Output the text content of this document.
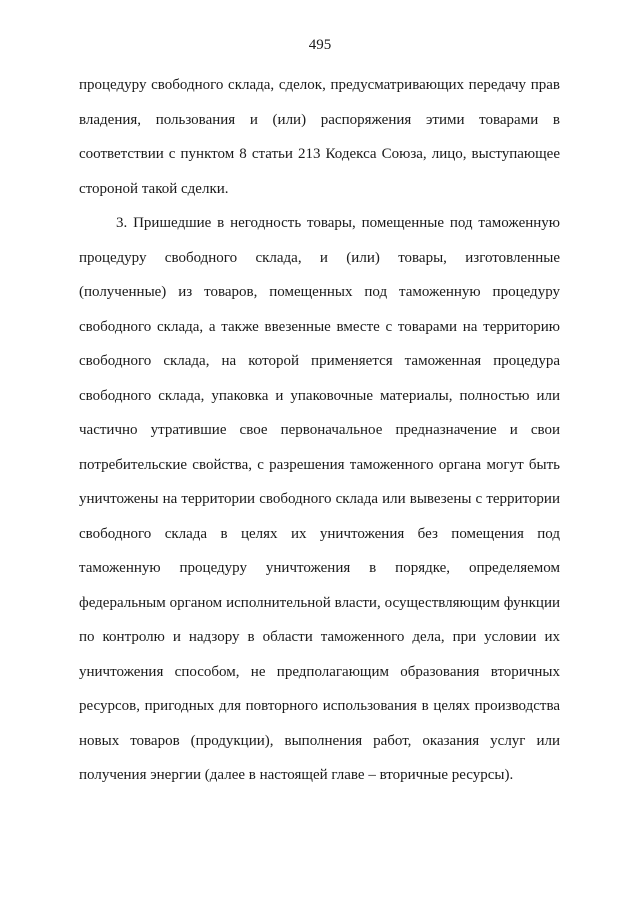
495
процедуру свободного склада, сделок, предусматривающих передачу прав
владения, пользования и (или) распоряжения этими товарами в
соответствии с пунктом 8 статьи 213 Кодекса Союза, лицо, выступающее
стороной такой сделки.
3. Пришедшие в негодность товары, помещенные под таможенную
процедуру свободного склада, и (или) товары, изготовленные
(полученные) из товаров, помещенных под таможенную процедуру
свободного склада, а также ввезенные вместе с товарами на территорию
свободного склада, на которой применяется таможенная процедура
свободного склада, упаковка и упаковочные материалы, полностью или
частично утратившие свое первоначальное предназначение и свои
потребительские свойства, с разрешения таможенного органа могут быть
уничтожены на территории свободного склада или вывезены с территории
свободного склада в целях их уничтожения без помещения под
таможенную процедуру уничтожения в порядке, определяемом
федеральным органом исполнительной власти, осуществляющим функции
по контролю и надзору в области таможенного дела, при условии их
уничтожения способом, не предполагающим образования вторичных
ресурсов, пригодных для повторного использования в целях производства
новых товаров (продукции), выполнения работ, оказания услуг или
получения энергии (далее в настоящей главе – вторичные ресурсы).
